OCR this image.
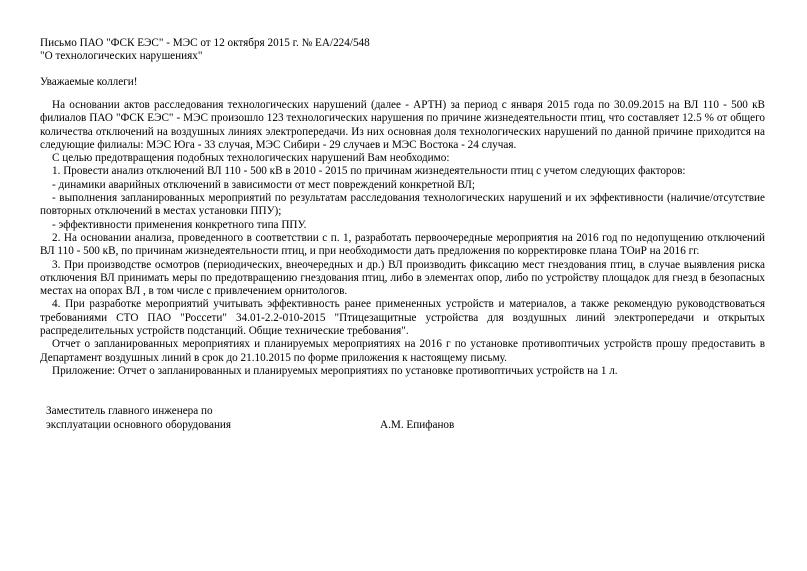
Письмо ПАО "ФСК ЕЭС" - МЭС от 12 октября 2015 г. № ЕА/224/548
"О технологических нарушениях"
Уважаемые коллеги!

На основании актов расследования технологических нарушений (далее - АРТН) за период с января 2015 года по 30.09.2015 на ВЛ 110 - 500 кВ филиалов ПАО "ФСК ЕЭС" - МЭС произошло 123 технологических нарушения по причине жизнедеятельности птиц, что составляет 12.5 % от общего количества отключений на воздушных линиях электропередачи. Из них основная доля технологических нарушений по данной причине приходится на следующие филиалы: МЭС Юга - 33 случая, МЭС Сибири - 29 случаев и МЭС Востока - 24 случая.

С целью предотвращения подобных технологических нарушений Вам необходимо:

1. Провести анализ отключений ВЛ 110 - 500 кВ в 2010 - 2015 по причинам жизнедеятельности птиц с учетом следующих факторов:

- динамики аварийных отключений в зависимости от мест повреждений конкретной ВЛ;

- выполнения запланированных мероприятий по результатам расследования технологических нарушений и их эффективности (наличие/отсутствие повторных отключений в местах установки ППУ);

- эффективности применения конкретного типа ППУ.

2. На основании анализа, проведенного в соответствии с п. 1, разработать первоочередные мероприятия на 2016 год по недопущению отключений ВЛ 110 - 500 кВ, по причинам жизнедеятельности птиц, и при необходимости дать предложения по корректировке плана ТОиР на 2016 гг.

3. При производстве осмотров (периодических, внеочередных и др.) ВЛ производить фиксацию мест гнездования птиц, в случае выявления риска отключения ВЛ принимать меры по предотвращению гнездования птиц, либо в элементах опор, либо по устройству площадок для гнезд в безопасных местах на опорах ВЛ , в том числе с привлечением орнитологов.

4. При разработке мероприятий учитывать эффективность ранее примененных устройств и материалов, а также рекомендую руководствоваться требованиями СТО ПАО "Россети" 34.01-2.2-010-2015 "Птицезащитные устройства для воздушных линий электропередачи и открытых распределительных устройств подстанций. Общие технические требования".

Отчет о запланированных мероприятиях и планируемых мероприятиях на 2016 г по установке противоптичьих устройств прошу предоставить в Департамент воздушных линий в срок до 21.10.2015 по форме приложения к настоящему письму.

Приложение: Отчет о запланированных и планируемых мероприятиях по установке противоптичьих устройств на 1 л.

Заместитель главного инженера по
эксплуатации основного оборудования	А.М. Епифанов
